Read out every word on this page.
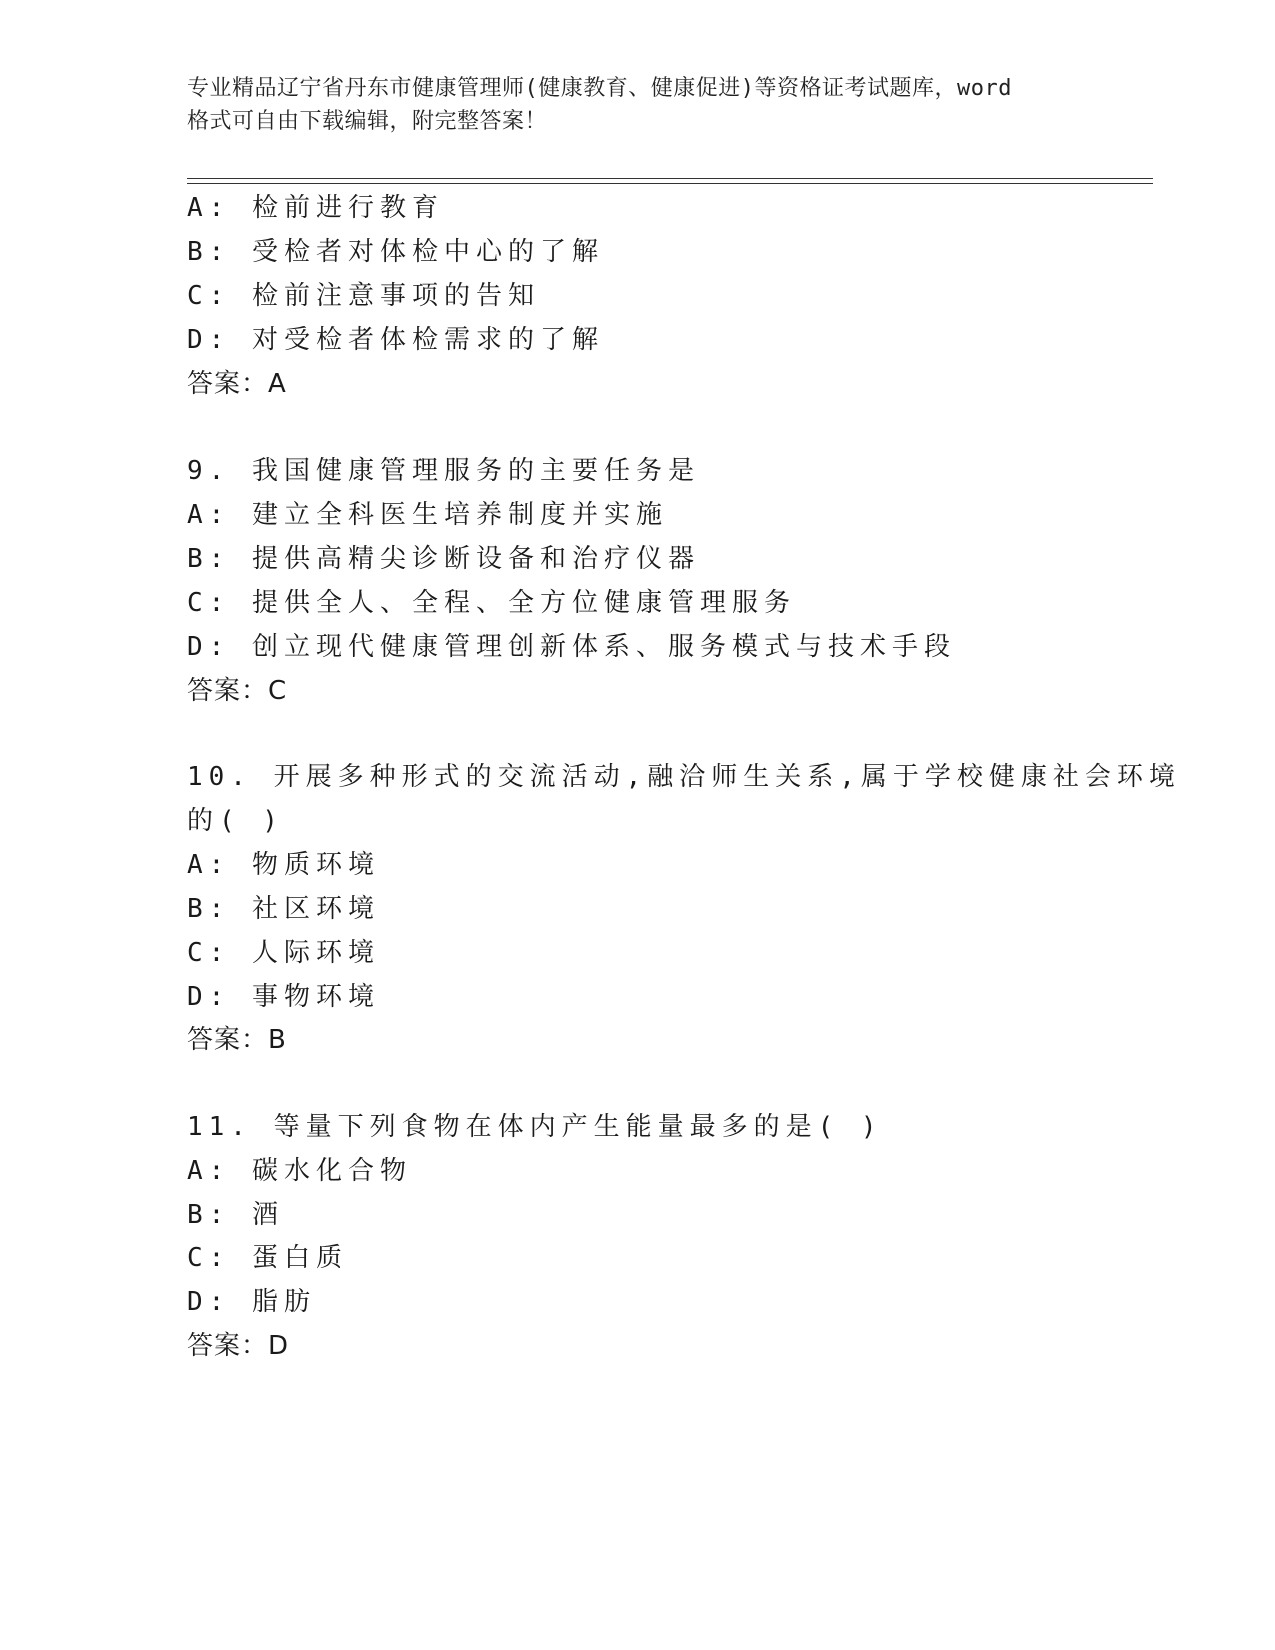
专业精品辽宁省丹东市健康管理师(健康教育、健康促进)等资格证考试题库，word
格式可自由下载编辑，附完整答案！
A: 检前进行教育
B: 受检者对体检中心的了解
C: 检前注意事项的告知
D: 对受检者体检需求的了解
答案：A
9. 我国健康管理服务的主要任务是
A: 建立全科医生培养制度并实施
B: 提供高精尖诊断设备和治疗仪器
C: 提供全人、全程、全方位健康管理服务
D: 创立现代健康管理创新体系、服务模式与技术手段
答案：C
10. 开展多种形式的交流活动,融洽师生关系,属于学校健康社会环境
的( )
A: 物质环境
B: 社区环境
C: 人际环境
D: 事物环境
答案：B
11. 等量下列食物在体内产生能量最多的是( )
A: 碳水化合物
B: 酒
C: 蛋白质
D: 脂肪
答案：D
